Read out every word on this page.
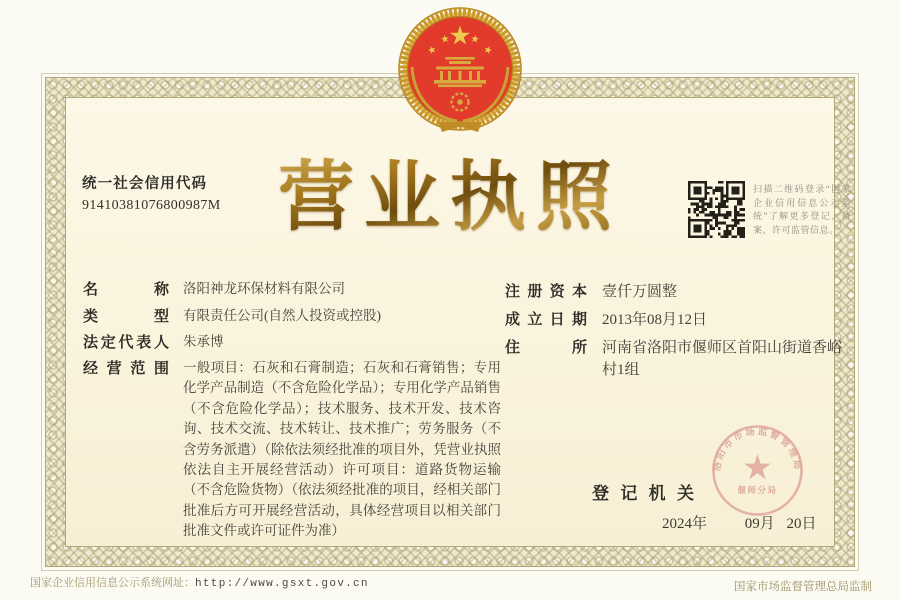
统一社会信用代码
91410381076800987M 营业执照	扫描二维码登录“国家企业信用信息公示系统”了解更多登记、备案、许可监管信息。
名称 洛阳神龙环保材料有限公司
类型 有限责任公司(自然人投资或控股)
法定代表人 朱承博
经营范围 一般项目：石灰和石膏制造；石灰和石膏销售；专用化学产品制造（不含危险化学品）；专用化学产品销售（不含危险化学品）；技术服务、技术开发、技术咨询、技术交流、技术转让、技术推广；劳务服务（不含劳务派遣）（除依法须经批准的项目外，凭营业执照依法自主开展经营活动）许可项目：道路货物运输（不含危险货物）（依法须经批准的项目，经相关部门批准后方可开展经营活动，具体经营项目以相关部门批准文件或许可证件为准）
注册资本 壹仟万圆整
成立日期 2013年08月12日
住所 河南省洛阳市偃师区首阳山街道香峪村1组
登记机关
2024年	09月 20日
洛阳市市场监督管理局
偃师分局
国家企业信用信息公示系统网址：http://www.gsxt.gov.cn	国家市场监督管理总局监制
